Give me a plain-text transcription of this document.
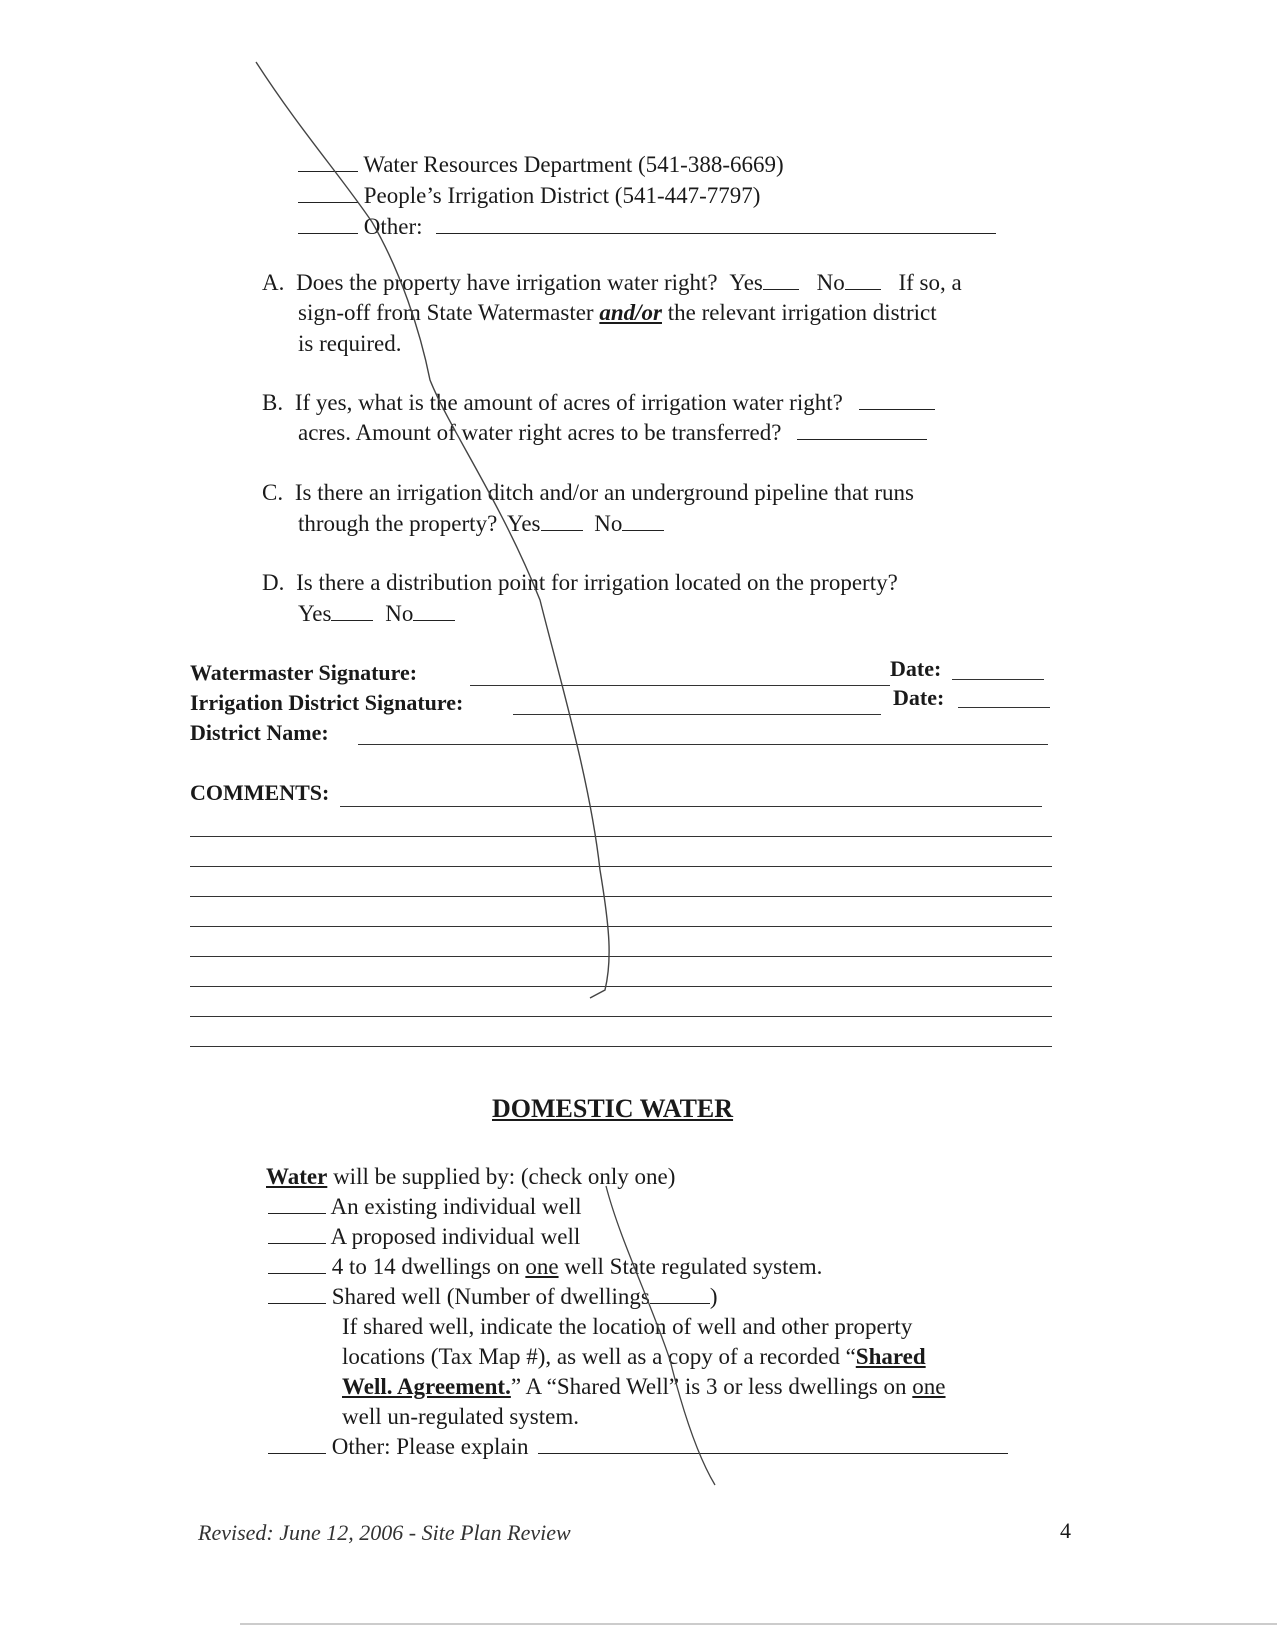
Water Resources Department (541-388-6669)
People’s Irrigation District (541-447-7797)
Other:
A. Does the property have irrigation water right? Yes No If so, a
sign-off from State Watermaster and/or the relevant irrigation district
is required.
B. If yes, what is the amount of acres of irrigation water right?
acres. Amount of water right acres to be transferred?
C. Is there an irrigation ditch and/or an underground pipeline that runs
through the property? Yes No
D. Is there a distribution point for irrigation located on the property?
Yes No
Watermaster Signature:	Date:
Irrigation District Signature:	Date:
District Name:
COMMENTS:
DOMESTIC WATER
Water will be supplied by: (check only one)
An existing individual well
A proposed individual well
4 to 14 dwellings on one well State regulated system.
Shared well (Number of dwellings	)
If shared well, indicate the location of well and other property
locations (Tax Map #), as well as a copy of a recorded “Shared
Well. Agreement.” A “Shared Well” is 3 or less dwellings on one
well un-regulated system.
Other: Please explain
Revised: June 12, 2006 - Site Plan Review	4
